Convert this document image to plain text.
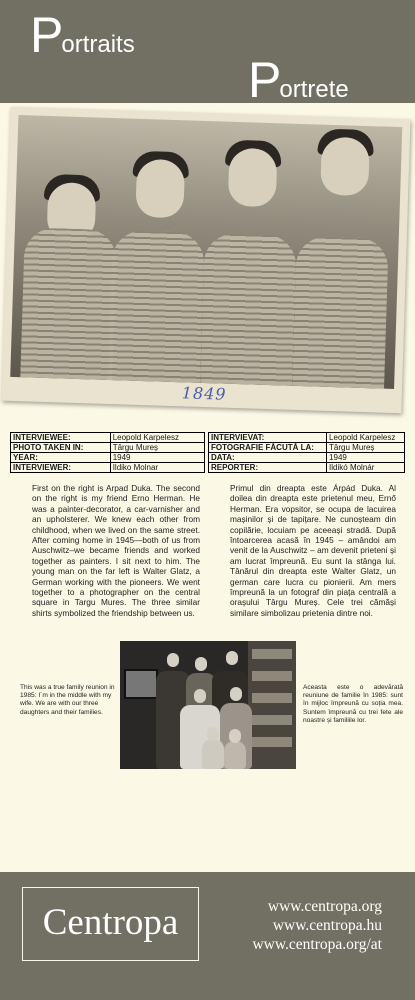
Portraits
Portrete
1849
INTERVIEWEE:	Leopold Karpelesz
PHOTO TAKEN IN:	Târgu Mureș
YEAR:	1949
INTERVIEWER:	Ildiko Molnar
INTERVIEVAT:	Leopold Karpelesz
FOTOGRAFIE FĂCUTĂ LA:	Târgu Mureș
DATA:	1949
REPORTER:	Ildikó Molnár
First on the right is Arpad Duka. The second on the right is my friend Erno Herman. He was a painter-decorator, a car-varnisher and an upholsterer. We knew each other from childhood, when we lived on the same street. After coming home in 1945—both of us from Auschwitz–we became friends and worked together as painters. I sit next to him. The young man on the far left is Walter Glatz, a German working with the pioneers. We went together to a photographer on the central square in Targu Mures. The three similar shirts symbolized the friendship between us.
Primul din dreapta este Árpád Duka. Al doilea din dreapta este prietenul meu, Ernő Herman. Era vopsitor, se ocupa de lacuirea mașinilor și de tapițare. Ne cunoșteam din copilărie, locuiam pe aceeași stradă. După întoarcerea acasă în 1945 – amândoi am venit de la Auschwitz – am devenit prieteni și am lucrat împreună. Eu sunt la stânga lui. Tânărul din dreapta este Walter Glatz, un german care lucra cu pionierii. Am mers împreună la un fotograf din piața centrală a orașului Târgu Mureș. Cele trei cămăși similare simbolizau prietenia dintre noi.
This was a true family reunion in 1985: I´m in the middle with my wife. We are with our three daughters and their families.
Aceasta este o adevărată reuniune de familie în 1985: sunt în mijloc împreună cu soția mea. Suntem împreună cu trei fete ale noastre și familiile lor.
Centropa	www.centropa.org
www.centropa.hu
www.centropa.org/at
